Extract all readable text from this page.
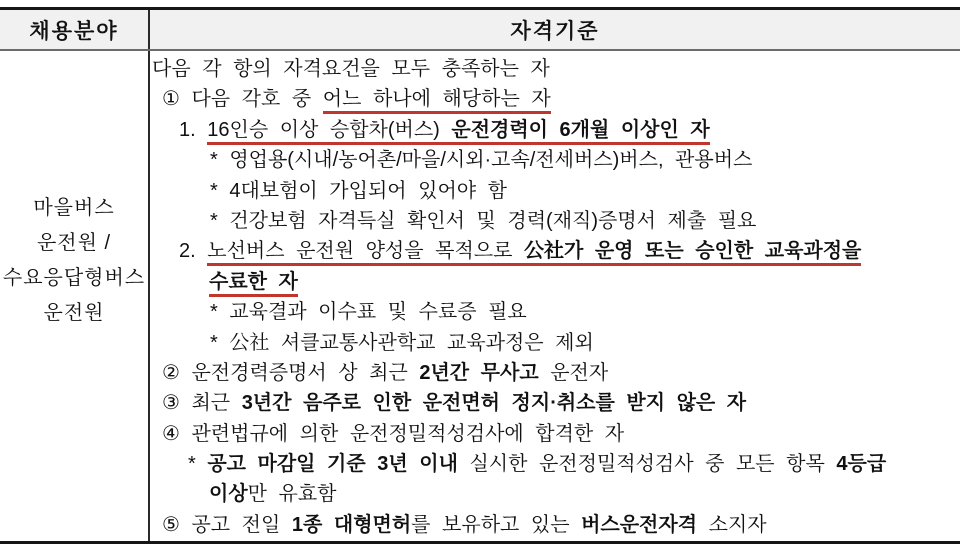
채용분야	자격기준
마을버스
운전원 /
수요응답형버스
운전원
다음 각 항의 자격요건을 모두 충족하는 자
① 다음 각호 중 어느 하나에 해당하는 자
1. 16인승 이상 승합차(버스) 운전경력이 6개월 이상인 자
* 영업용(시내/농어촌/마을/시외·고속/전세버스)버스, 관용버스
* 4대보험이 가입되어 있어야 함
* 건강보험 자격득실 확인서 및 경력(재직)증명서 제출 필요
2. 노선버스 운전원 양성을 목적으로 公社가 운영 또는 승인한 교육과정을
수료한 자
* 교육결과 이수표 및 수료증 필요
* 公社 셔클교통사관학교 교육과정은 제외
② 운전경력증명서 상 최근 2년간 무사고 운전자
③ 최근 3년간 음주로 인한 운전면허 정지·취소를 받지 않은 자
④ 관련법규에 의한 운전정밀적성검사에 합격한 자
* 공고 마감일 기준 3년 이내 실시한 운전정밀적성검사 중 모든 항목 4등급
이상만 유효함
⑤ 공고 전일 1종 대형면허를 보유하고 있는 버스운전자격 소지자
